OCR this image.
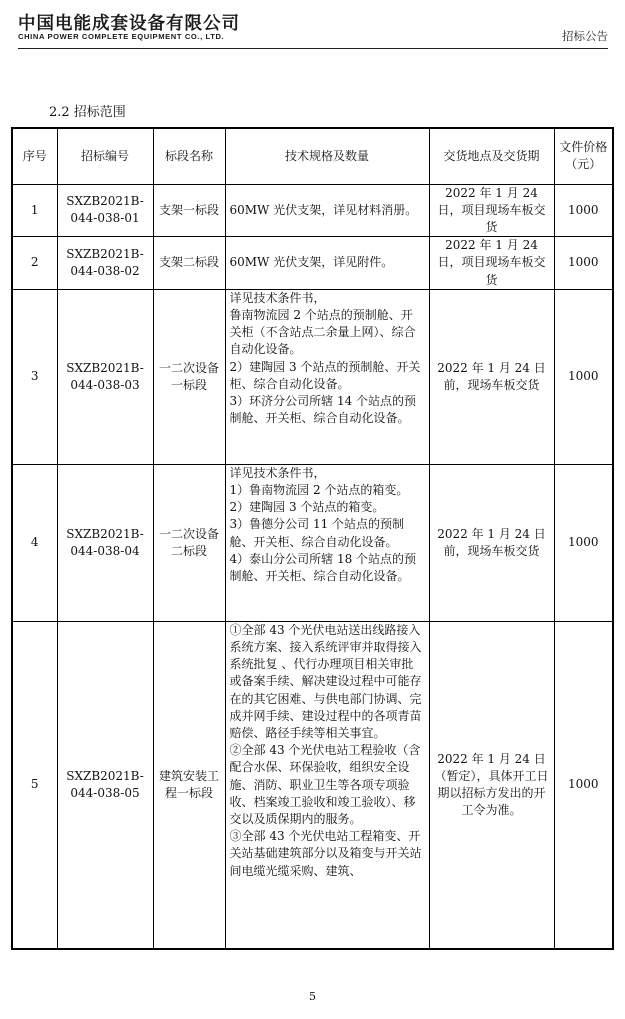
中国电能成套设备有限公司
CHINA POWER COMPLETE EQUIPMENT CO., LTD.	招标公告
2.2 招标范围
序号	招标编号	标段名称	技术规格及数量	交货地点及交货期	文件价格（元）
1	SXZB2021B-044-038-01	支架一标段	60MW 光伏支架，详见材料消册。	2022 年 1 月 24 日，项目现场车板交货	1000
2	SXZB2021B-044-038-02	支架二标段	60MW 光伏支架，详见附件。	2022 年 1 月 24 日，项目现场车板交货	1000
3	SXZB2021B-044-038-03	一二次设备一标段	详见技术条件书，
鲁南物流园 2 个站点的预制舱、开关柜（不含站点二余量上网）、综合自动化设备。
2）建陶园 3 个站点的预制舱、开关柜、综合自动化设备。
3）环济分公司所辖 14 个站点的预制舱、开关柜、综合自动化设备。	2022 年 1 月 24 日前，现场车板交货	1000
4	SXZB2021B-044-038-04	一二次设备二标段	详见技术条件书，
1）鲁南物流园 2 个站点的箱变。
2）建陶园 3 个站点的箱变。
3）鲁德分公司 11 个站点的预制舱、开关柜、综合自动化设备。
4）泰山分公司所辖 18 个站点的预制舱、开关柜、综合自动化设备。	2022 年 1 月 24 日前，现场车板交货	1000
5	SXZB2021B-044-038-05	建筑安装工程一标段	①全部 43 个光伏电站送出线路接入系统方案、接入系统评审并取得接入系统批复 、代行办理项目相关审批或备案手续、解决建设过程中可能存在的其它困难、与供电部门协调、完成并网手续、建设过程中的各项青苗赔偿、路径手续等相关事宜。
②全部 43 个光伏电站工程验收（含配合水保、环保验收，组织安全设施、消防、职业卫生等各项专项验收、档案竣工验收和竣工验收）、移交以及质保期内的服务。
③全部 43 个光伏电站工程箱变、开关站基础建筑部分以及箱变与开关站间电缆光缆采购、建筑、	2022 年 1 月 24 日（暂定），具体开工日期以招标方发出的开工令为准。	1000
5
